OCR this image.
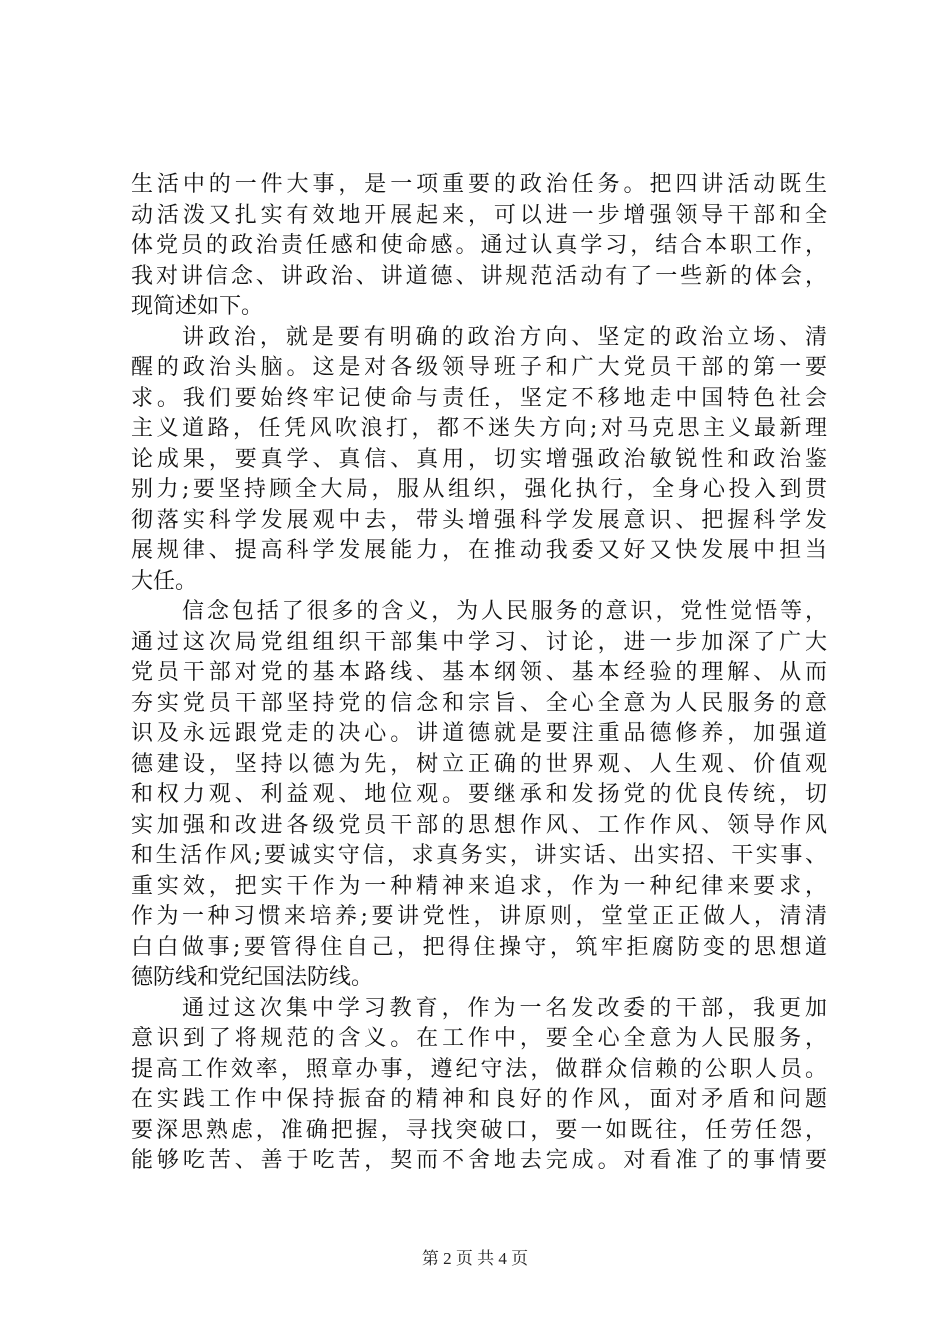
生活中的一件大事，是一项重要的政治任务。把四讲活动既生
动活泼又扎实有效地开展起来，可以进一步增强领导干部和全
体党员的政治责任感和使命感。通过认真学习，结合本职工作，
我对讲信念、讲政治、讲道德、讲规范活动有了一些新的体会，
现简述如下。
讲政治，就是要有明确的政治方向、坚定的政治立场、清
醒的政治头脑。这是对各级领导班子和广大党员干部的第一要
求。我们要始终牢记使命与责任，坚定不移地走中国特色社会
主义道路，任凭风吹浪打，都不迷失方向;对马克思主义最新理
论成果，要真学、真信、真用，切实增强政治敏锐性和政治鉴
别力;要坚持顾全大局，服从组织，强化执行，全身心投入到贯
彻落实科学发展观中去，带头增强科学发展意识、把握科学发
展规律、提高科学发展能力，在推动我委又好又快发展中担当
大任。
信念包括了很多的含义，为人民服务的意识，党性觉悟等，
通过这次局党组组织干部集中学习、讨论，进一步加深了广大
党员干部对党的基本路线、基本纲领、基本经验的理解、从而
夯实党员干部坚持党的信念和宗旨、全心全意为人民服务的意
识及永远跟党走的决心。讲道德就是要注重品德修养，加强道
德建设，坚持以德为先，树立正确的世界观、人生观、价值观
和权力观、利益观、地位观。要继承和发扬党的优良传统，切
实加强和改进各级党员干部的思想作风、工作作风、领导作风
和生活作风;要诚实守信，求真务实，讲实话、出实招、干实事、
重实效，把实干作为一种精神来追求，作为一种纪律来要求，
作为一种习惯来培养;要讲党性，讲原则，堂堂正正做人，清清
白白做事;要管得住自己，把得住操守，筑牢拒腐防变的思想道
德防线和党纪国法防线。
通过这次集中学习教育，作为一名发改委的干部，我更加
意识到了将规范的含义。在工作中，要全心全意为人民服务，
提高工作效率，照章办事，遵纪守法，做群众信赖的公职人员。
在实践工作中保持振奋的精神和良好的作风，面对矛盾和问题
要深思熟虑，准确把握，寻找突破口，要一如既往，任劳任怨，
能够吃苦、善于吃苦，契而不舍地去完成。对看准了的事情要
第 2 页 共 4 页
